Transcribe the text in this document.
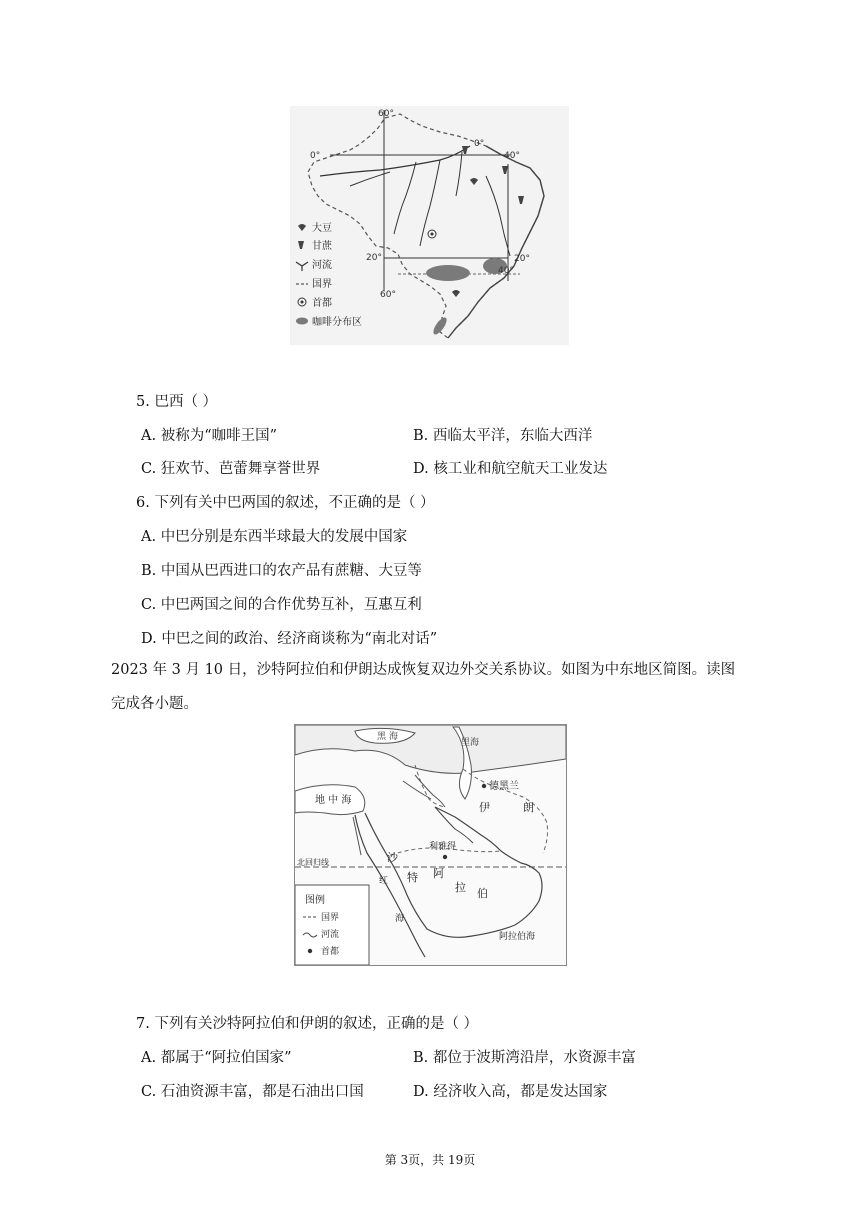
60°
0°
0°
40°
20°	20°
60°
40°
大豆
甘蔗
河流
国界
首都
咖啡分布区
5. 巴西（ ）
A. 被称为“咖啡王国”	B. 西临太平洋，东临大西洋
C. 狂欢节、芭蕾舞享誉世界	D. 核工业和航空航天工业发达
6. 下列有关中巴两国的叙述，不正确的是（ ）
A. 中巴分别是东西半球最大的发展中国家
B. 中国从巴西进口的农产品有蔗糖、大豆等
C. 中巴两国之间的合作优势互补，互惠互利
D. 中巴之间的政治、经济商谈称为“南北对话”
2023 年 3 月 10 日，沙特阿拉伯和伊朗达成恢复双边外交关系协议。如图为中东地区简图。读图
完成各小题。
黑 海
里海
地 中 海
德黑兰
伊	朗
利雅得
沙
特 阿
拉 伯
红
海
北回归线
阿拉伯海
图例
国界
河流
首都
7. 下列有关沙特阿拉伯和伊朗的叙述，正确的是（ ）
A. 都属于“阿拉伯国家”	B. 都位于波斯湾沿岸，水资源丰富
C. 石油资源丰富，都是石油出口国	D. 经济收入高，都是发达国家
第 3页，共 19页
